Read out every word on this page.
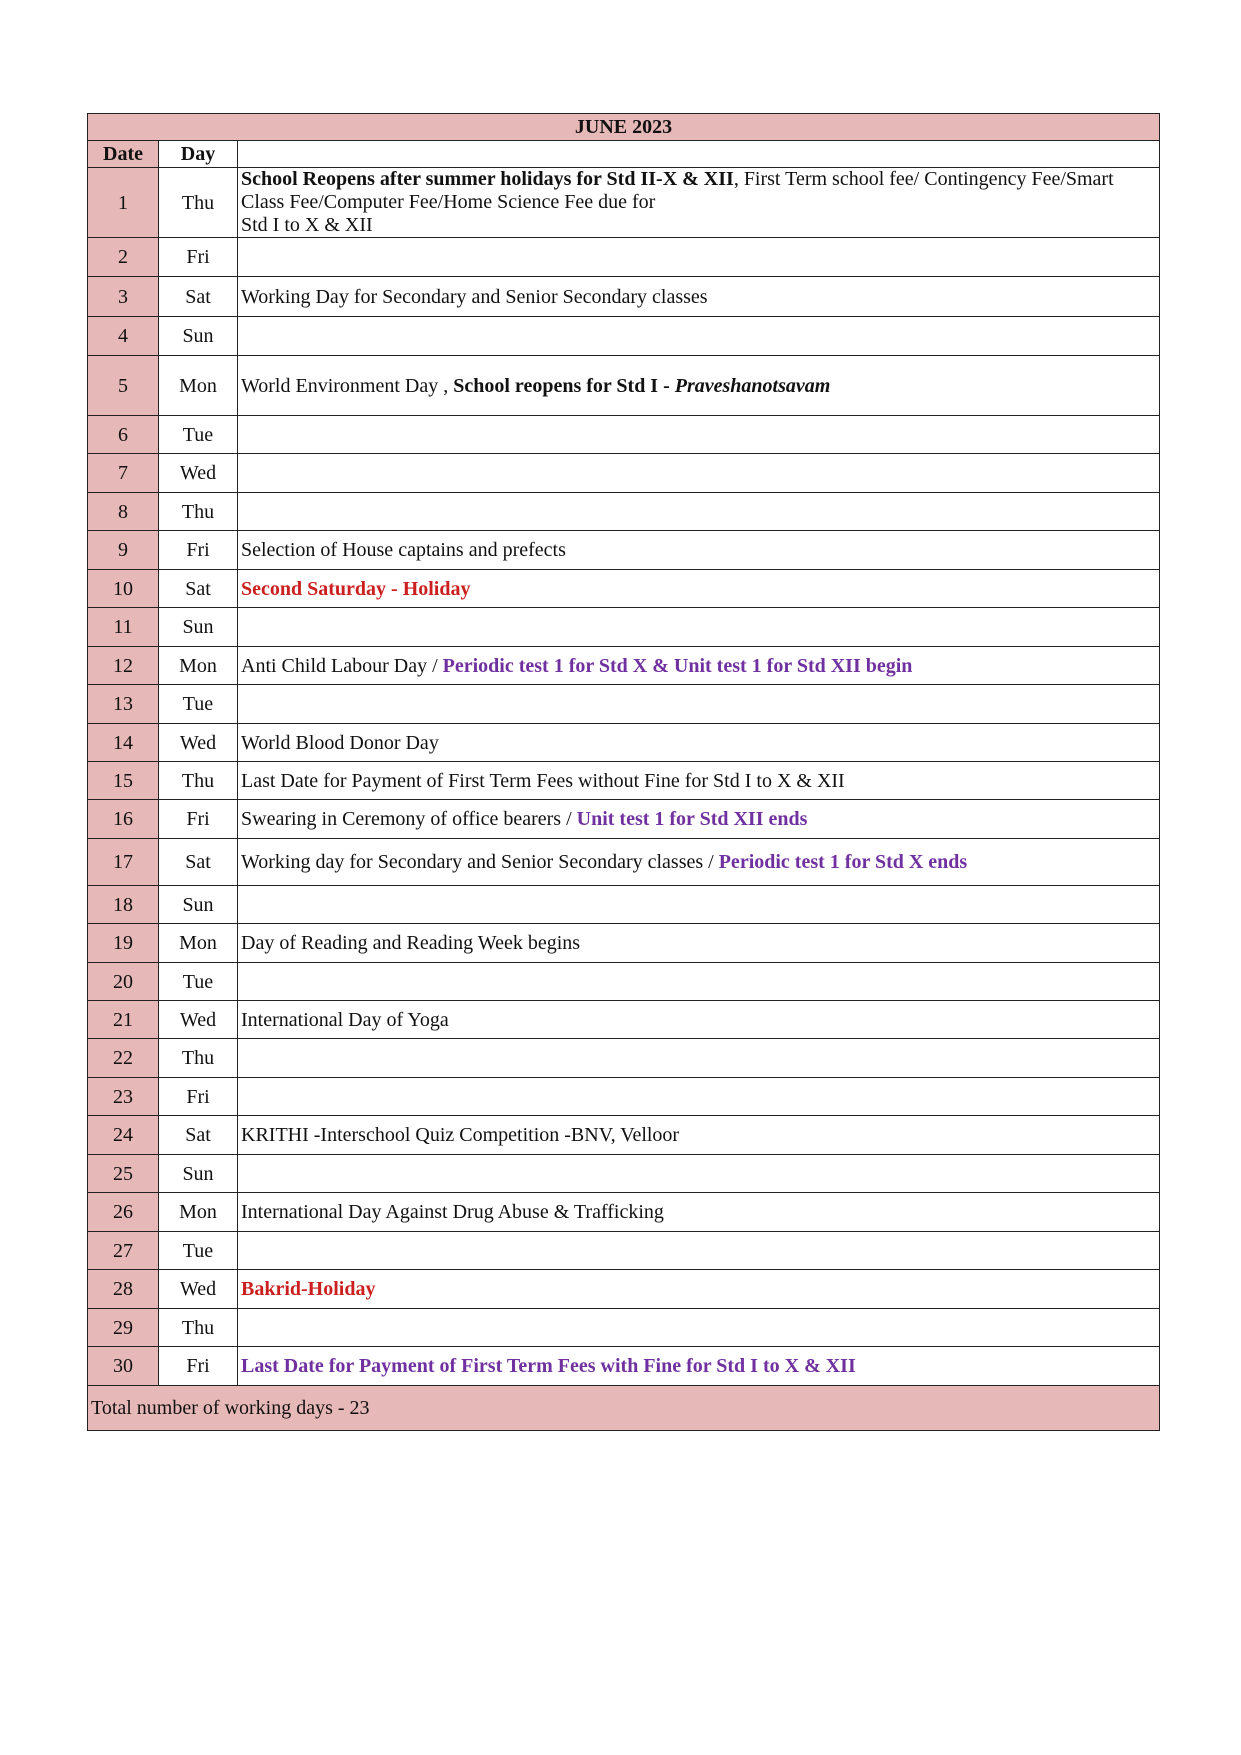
JUNE 2023		
Date	Day	
1	Thu	School Reopens after summer holidays for Std II-X & XII, First Term school fee/ Contingency Fee/Smart Class Fee/Computer Fee/Home Science Fee due for
Std I to X & XII
2	Fri	
3	Sat	Working Day for Secondary and Senior Secondary classes
4	Sun	
5	Mon	World Environment Day , School reopens for Std I - Praveshanotsavam
6	Tue	
7	Wed	
8	Thu	
9	Fri	Selection of House captains and prefects
10	Sat	Second Saturday - Holiday
11	Sun	
12	Mon	Anti Child Labour Day / Periodic test 1 for Std X & Unit test 1 for Std XII begin
13	Tue	
14	Wed	World Blood Donor Day
15	Thu	Last Date for Payment of First Term Fees without Fine for Std I to X & XII
16	Fri	Swearing in Ceremony of office bearers / Unit test 1 for Std XII ends
17	Sat	Working day for Secondary and Senior Secondary classes / Periodic test 1 for Std X ends
18	Sun	
19	Mon	Day of Reading and Reading Week begins
20	Tue	
21	Wed	International Day of Yoga
22	Thu	
23	Fri	
24	Sat	KRITHI -Interschool Quiz Competition -BNV, Velloor
25	Sun	
26	Mon	International Day Against Drug Abuse & Trafficking
27	Tue	
28	Wed	Bakrid-Holiday
29	Thu	
30	Fri	Last Date for Payment of First Term Fees with Fine for Std I to X & XII
Total number of working days - 23		
